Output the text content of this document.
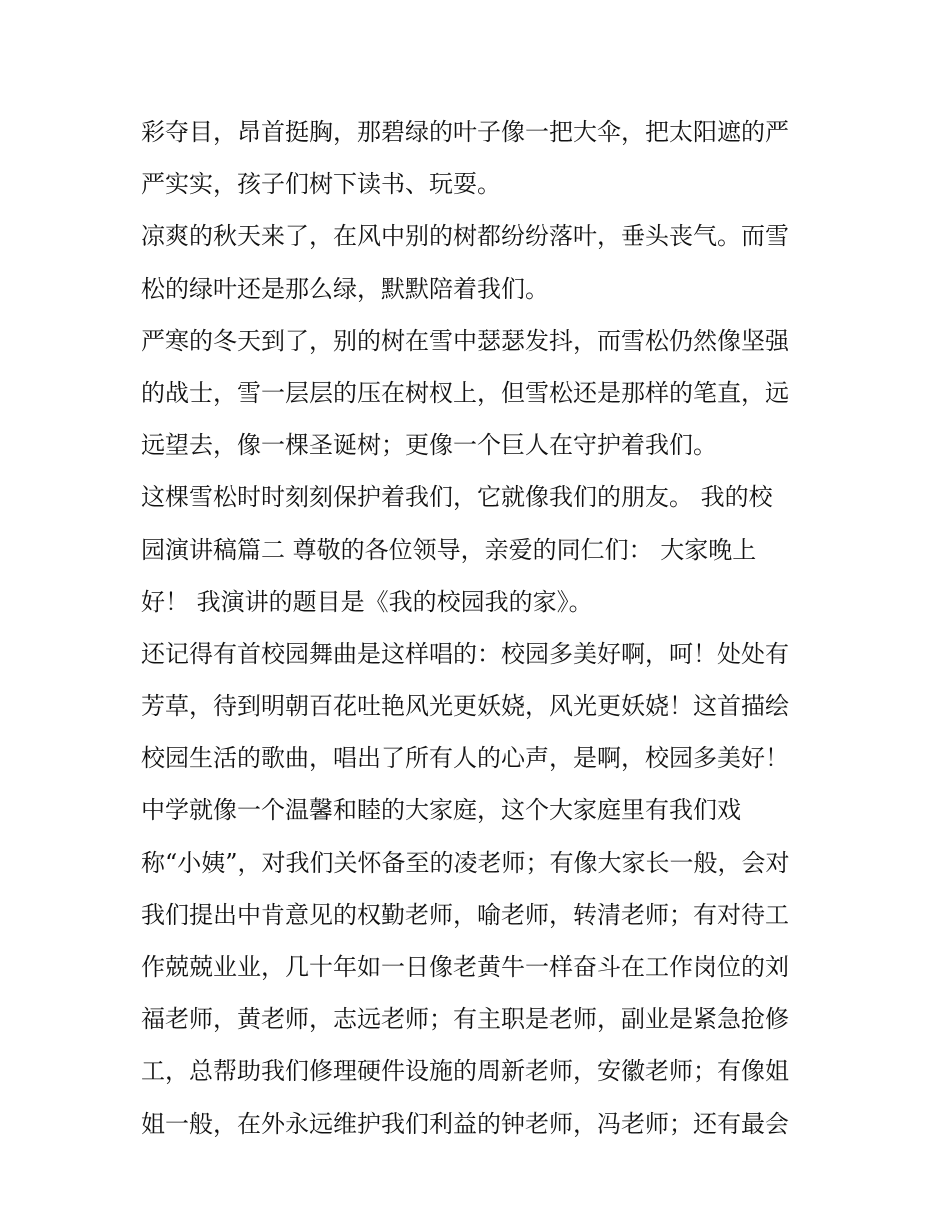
彩夺目，昂首挺胸，那碧绿的叶子像一把大伞，把太阳遮的严
严实实，孩子们树下读书、玩耍。
凉爽的秋天来了，在风中别的树都纷纷落叶，垂头丧气。而雪
松的绿叶还是那么绿，默默陪着我们。
严寒的冬天到了，别的树在雪中瑟瑟发抖，而雪松仍然像坚强
的战士，雪一层层的压在树杈上，但雪松还是那样的笔直，远
远望去，像一棵圣诞树；更像一个巨人在守护着我们。
这棵雪松时时刻刻保护着我们，它就像我们的朋友。 我的校
园演讲稿篇二 尊敬的各位领导，亲爱的同仁们： 大家晚上
好！ 我演讲的题目是《我的校园我的家》。
还记得有首校园舞曲是这样唱的：校园多美好啊，呵！处处有
芳草，待到明朝百花吐艳风光更妖娆，风光更妖娆！这首描绘
校园生活的歌曲，唱出了所有人的心声，是啊，校园多美好！
中学就像一个温馨和睦的大家庭，这个大家庭里有我们戏
称“小姨”，对我们关怀备至的凌老师；有像大家长一般，会对
我们提出中肯意见的权勤老师，喻老师，转清老师；有对待工
作兢兢业业，几十年如一日像老黄牛一样奋斗在工作岗位的刘
福老师，黄老师，志远老师；有主职是老师，副业是紧急抢修
工，总帮助我们修理硬件设施的周新老师，安徽老师；有像姐
姐一般，在外永远维护我们利益的钟老师，冯老师；还有最会
